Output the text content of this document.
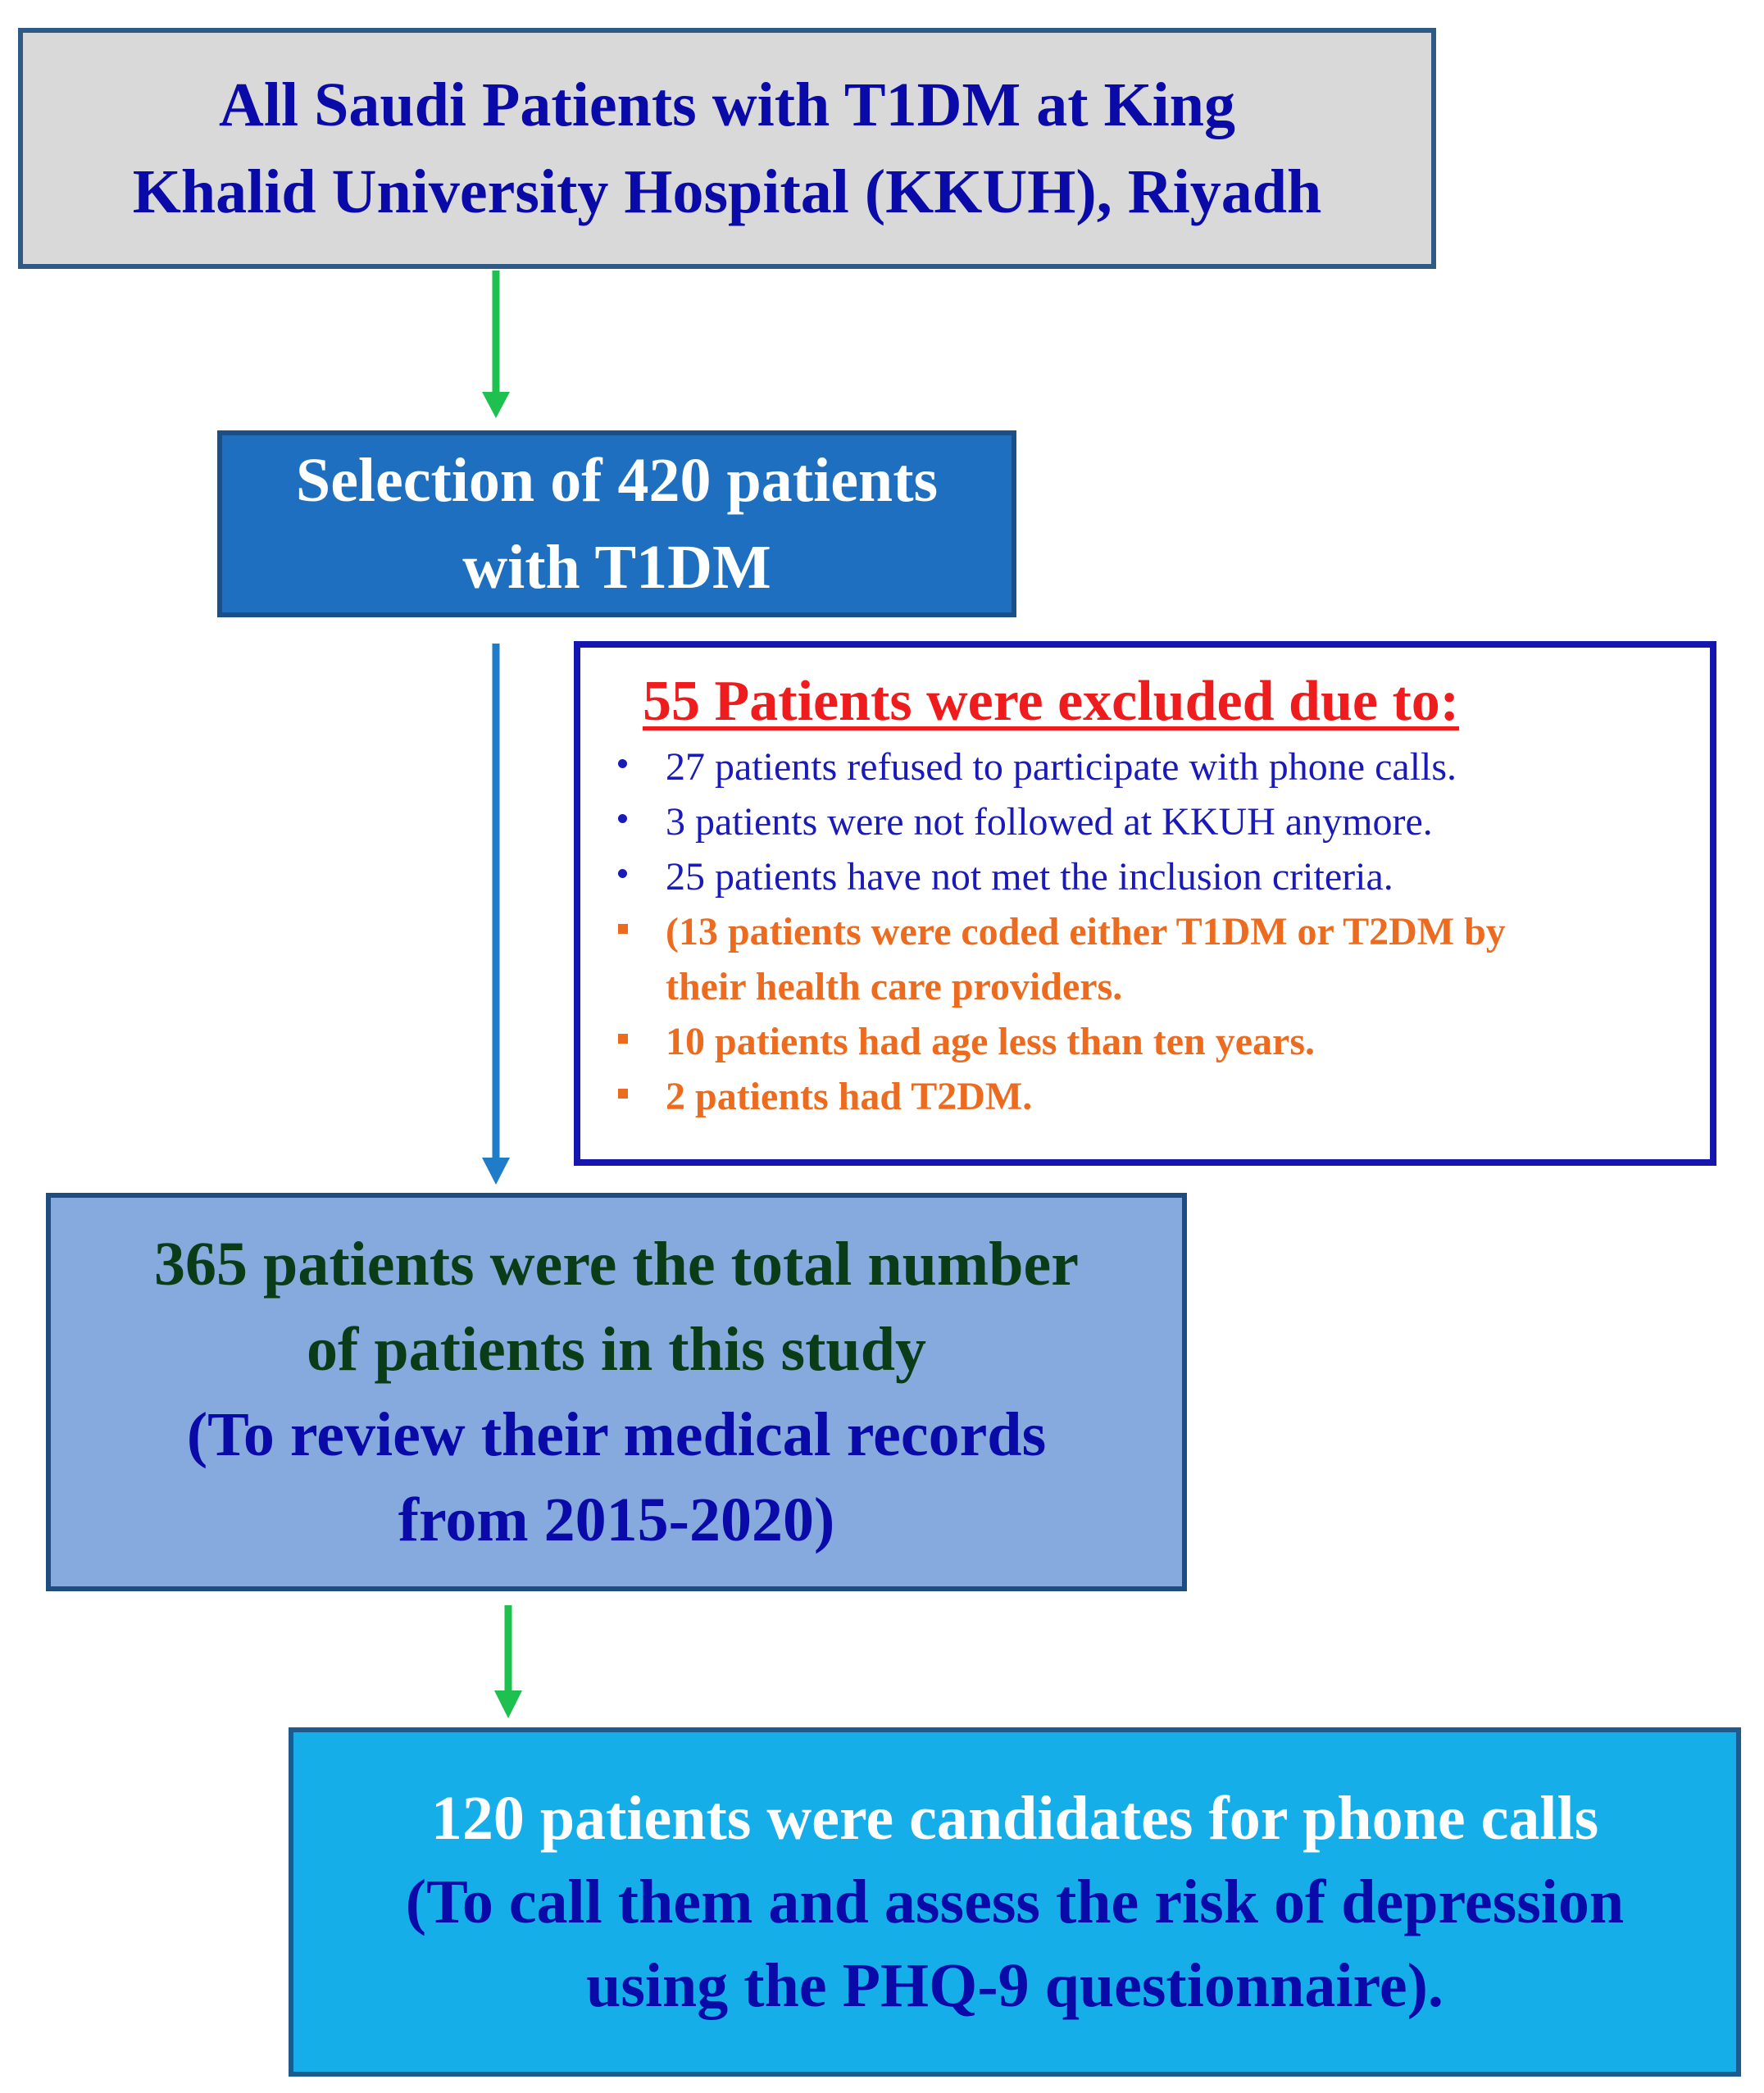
All Saudi Patients with T1DM at King
Khalid University Hospital (KKUH), Riyadh
Selection of 420 patients
with T1DM
55 Patients were excluded due to:
27 patients refused to participate with phone calls.
3 patients were not followed at KKUH anymore.
25 patients have not met the inclusion criteria.
(13 patients were coded either T1DM or T2DM by
their health care providers.
10 patients had age less than ten years.
2 patients had T2DM.
365 patients were the total number
of patients in this study
(To review their medical records
from 2015-2020)
120 patients were candidates for phone calls
(To call them and assess the risk of depression
using the PHQ-9 questionnaire).
